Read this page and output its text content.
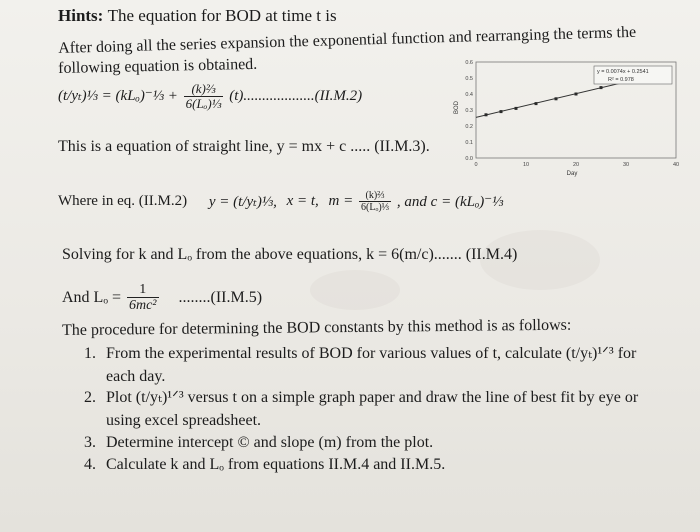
Hints: The equation for BOD at time t is
After doing all the series expansion the exponential function and rearranging the terms the
following equation is obtained.
(t/yₜ)⅓ = (kLₒ)⁻⅓ + $\frac{\text{(k)⅔}}{\text{6(Lₒ)⅓}} (t)...................(II.M.2)$
This is a equation of straight line, y = mx + c ..... (II.M.3).
0.0
0.1
0.2
0.3
0.4
0.5
0.6
0	10	20	30	40
y = 0.0074x + 0.2541
R² = 0.978
BOD
Day
Where in eq. (II.M.2) y = (t/yₜ)⅓, x = t, $m = \frac{\text{(k)⅔}}{\text{6(Lₒ)⅓}}$ , and c = (kLₒ)⁻⅓
Solving for k and Lₒ from the above equations, k = 6(m/c)....... (II.M.4)
And $L_o = \frac{1}{\text{6mc²}} ........(II.M.5)$
The procedure for determining the BOD constants by this method is as follows:
1. From the experimental results of BOD for various values of t, calculate (t/yₜ)¹ᐟ³ for
each day.
2. Plot (t/yₜ)¹ᐟ³ versus t on a simple graph paper and draw the line of best fit by eye or
using excel spreadsheet.
3. Determine intercept © and slope (m) from the plot.
4. Calculate k and Lₒ from equations II.M.4 and II.M.5.
